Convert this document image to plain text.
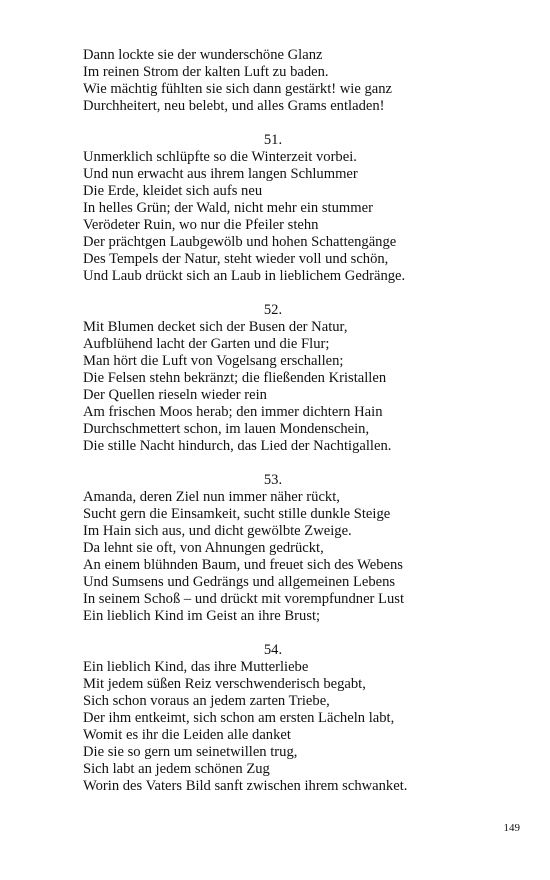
Dann lockte sie der wunderschöne Glanz
Im reinen Strom der kalten Luft zu baden.
Wie mächtig fühlten sie sich dann gestärkt! wie ganz
Durchheitert, neu belebt, und alles Grams entladen!
51.
Unmerklich schlüpfte so die Winterzeit vorbei.
Und nun erwacht aus ihrem langen Schlummer
Die Erde, kleidet sich aufs neu
In helles Grün; der Wald, nicht mehr ein stummer
Verödeter Ruin, wo nur die Pfeiler stehn
Der prächtgen Laubgewölb und hohen Schattengänge
Des Tempels der Natur, steht wieder voll und schön,
Und Laub drückt sich an Laub in lieblichem Gedränge.
52.
Mit Blumen decket sich der Busen der Natur,
Aufblühend lacht der Garten und die Flur;
Man hört die Luft von Vogelsang erschallen;
Die Felsen stehn bekränzt; die fließenden Kristallen
Der Quellen rieseln wieder rein
Am frischen Moos herab; den immer dichtern Hain
Durchschmettert schon, im lauen Mondenschein,
Die stille Nacht hindurch, das Lied der Nachtigallen.
53.
Amanda, deren Ziel nun immer näher rückt,
Sucht gern die Einsamkeit, sucht stille dunkle Steige
Im Hain sich aus, und dicht gewölbte Zweige.
Da lehnt sie oft, von Ahnungen gedrückt,
An einem blühnden Baum, und freuet sich des Webens
Und Sumsens und Gedrängs und allgemeinen Lebens
In seinem Schoß – und drückt mit vorempfundner Lust
Ein lieblich Kind im Geist an ihre Brust;
54.
Ein lieblich Kind, das ihre Mutterliebe
Mit jedem süßen Reiz verschwenderisch begabt,
Sich schon voraus an jedem zarten Triebe,
Der ihm entkeimt, sich schon am ersten Lächeln labt,
Womit es ihr die Leiden alle danket
Die sie so gern um seinetwillen trug,
Sich labt an jedem schönen Zug
Worin des Vaters Bild sanft zwischen ihrem schwanket.
149
